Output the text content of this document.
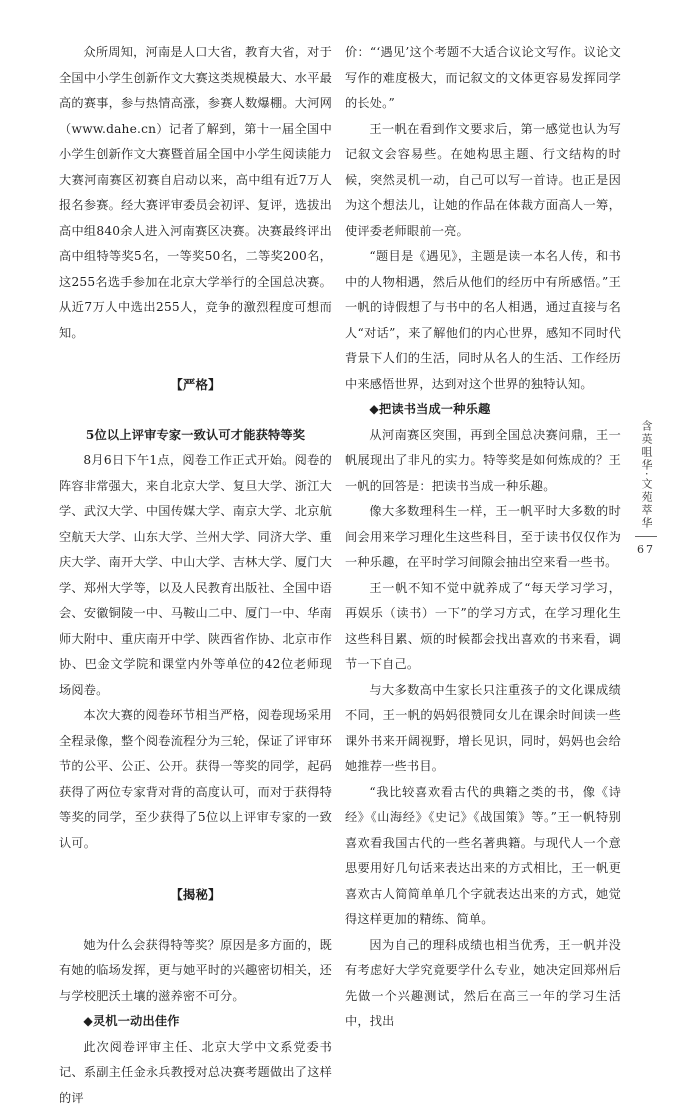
众所周知，河南是人口大省，教育大省，对于全国中小学生创新作文大赛这类规模最大、水平最高的赛事，参与热情高涨，参赛人数爆棚。大河网（www.dahe.cn）记者了解到，第十一届全国中小学生创新作文大赛暨首届全国中小学生阅读能力大赛河南赛区初赛自启动以来，高中组有近7万人报名参赛。经大赛评审委员会初评、复评，选拔出高中组840余人进入河南赛区决赛。决赛最终评出高中组特等奖5名，一等奖50名，二等奖200名，这255名选手参加在北京大学举行的全国总决赛。从近7万人中选出255人，竞争的激烈程度可想而知。

【严格】

5位以上评审专家一致认可才能获特等奖

8月6日下午1点，阅卷工作正式开始。阅卷的阵容非常强大，来自北京大学、复旦大学、浙江大学、武汉大学、中国传媒大学、南京大学、北京航空航天大学、山东大学、兰州大学、同济大学、重庆大学、南开大学、中山大学、吉林大学、厦门大学、郑州大学等，以及人民教育出版社、全国中语会、安徽铜陵一中、马鞍山二中、厦门一中、华南师大附中、重庆南开中学、陕西省作协、北京市作协、巴金文学院和课堂内外等单位的42位老师现场阅卷。

本次大赛的阅卷环节相当严格，阅卷现场采用全程录像，整个阅卷流程分为三轮，保证了评审环节的公平、公正、公开。获得一等奖的同学，起码获得了两位专家背对背的高度认可，而对于获得特等奖的同学，至少获得了5位以上评审专家的一致认可。

【揭秘】

她为什么会获得特等奖？原因是多方面的，既有她的临场发挥，更与她平时的兴趣密切相关，还与学校肥沃土壤的滋养密不可分。

◆灵机一动出佳作

此次阅卷评审主任、北京大学中文系党委书记、系副主任金永兵教授对总决赛考题做出了这样的评

价：“‘遇见’这个考题不大适合议论文写作。议论文写作的难度极大，而记叙文的文体更容易发挥同学的长处。”

王一帆在看到作文要求后，第一感觉也认为写记叙文会容易些。在她构思主题、行文结构的时候，突然灵机一动，自己可以写一首诗。也正是因为这个想法儿，让她的作品在体裁方面高人一筹，使评委老师眼前一亮。

“题目是《遇见》，主题是读一本名人传，和书中的人物相遇，然后从他们的经历中有所感悟。”王一帆的诗假想了与书中的名人相遇，通过直接与名人“对话”，来了解他们的内心世界，感知不同时代背景下人们的生活，同时从名人的生活、工作经历中来感悟世界，达到对这个世界的独特认知。

◆把读书当成一种乐趣

从河南赛区突围，再到全国总决赛问鼎，王一帆展现出了非凡的实力。特等奖是如何炼成的？王一帆的回答是：把读书当成一种乐趣。

像大多数理科生一样，王一帆平时大多数的时间会用来学习理化生这些科目，至于读书仅仅作为一种乐趣，在平时学习间隙会抽出空来看一些书。

王一帆不知不觉中就养成了“每天学习学习，再娱乐（读书）一下”的学习方式，在学习理化生这些科目累、烦的时候都会找出喜欢的书来看，调节一下自己。

与大多数高中生家长只注重孩子的文化课成绩不同，王一帆的妈妈很赞同女儿在课余时间读一些课外书来开阔视野，增长见识，同时，妈妈也会给她推荐一些书目。

“我比较喜欢看古代的典籍之类的书，像《诗经》《山海经》《史记》《战国策》等。”王一帆特别喜欢看我国古代的一些名著典籍。与现代人一个意思要用好几句话来表达出来的方式相比，王一帆更喜欢古人简简单单几个字就表达出来的方式，她觉得这样更加的精练、简单。

因为自己的理科成绩也相当优秀，王一帆并没有考虑好大学究竟要学什么专业，她决定回郑州后先做一个兴趣测试，然后在高三一年的学习生活中，找出

含英咀华
·
文苑萃华
67
